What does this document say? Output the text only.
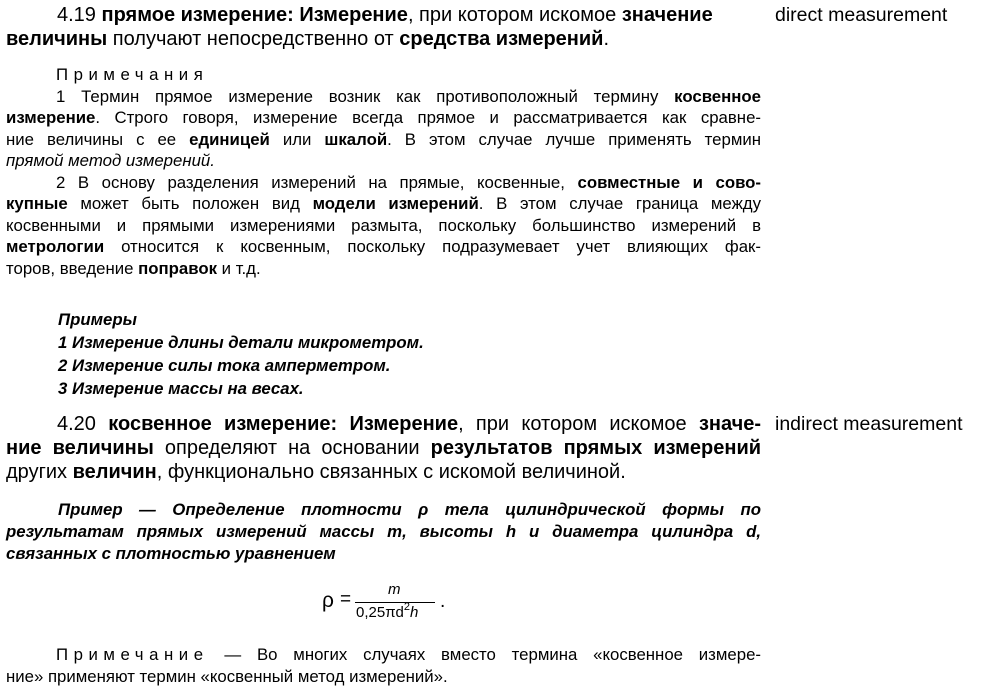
4.19 прямое измерение: Измерение, при котором искомое значение
величины получают непосредственно от средства измерений.
direct measurement
Примечания
1 Термин прямое измерение возник как противоположный термину косвенное
измерение. Строго говоря, измерение всегда прямое и рассматривается как сравне-
ние величины с ее единицей или шкалой. В этом случае лучше применять термин
прямой метод измерений.
2 В основу разделения измерений на прямые, косвенные, совместные и сово-
купные может быть положен вид модели измерений. В этом случае граница между
косвенными и прямыми измерениями размыта, поскольку большинство измерений в
метрологии относится к косвенным, поскольку подразумевает учет влияющих фак-
торов, введение поправок и т.д.
Примеры
1 Измерение длины детали микрометром.
2 Измерение силы тока амперметром.
3 Измерение массы на весах.
4.20 косвенное измерение: Измерение, при котором искомое значе-
ние величины определяют на основании результатов прямых измерений
других величин, функционально связанных с искомой величиной.
indirect measurement
Пример — Определение плотности ρ тела цилиндрической формы по
результатам прямых измерений массы m, высоты h и диаметра цилиндра d,
связанных с плотностью уравнением
ρ = m
$0,25\pi d^2h$
.
Примечание — Во многих случаях вместо термина «косвенное измере-
ние» применяют термин «косвенный метод измерений».
